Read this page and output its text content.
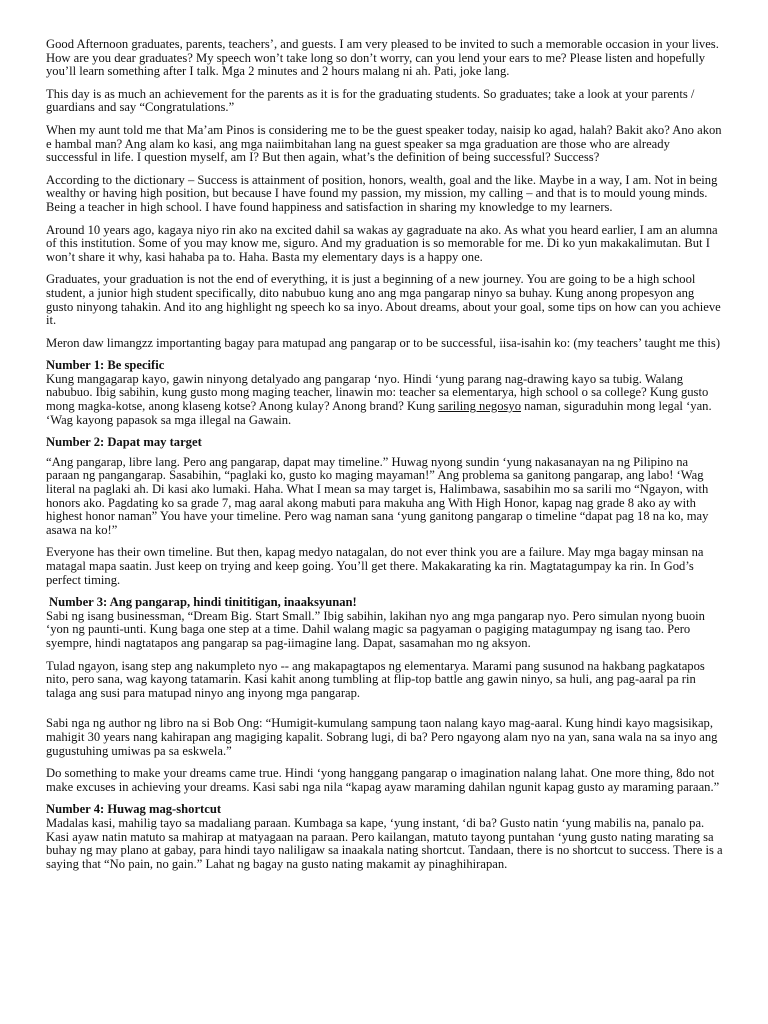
Good Afternoon graduates, parents, teachers’, and guests. I am very pleased to be invited to such a memorable occasion in your lives. How are you dear graduates? My speech won’t take long so don’t worry, can you lend your ears to me? Please listen and hopefully you’ll learn something after I talk. Mga 2 minutes and 2 hours malang ni ah. Pati, joke lang.

This day is as much an achievement for the parents as it is for the graduating students. So graduates; take a look at your parents / guardians and say “Congratulations.”

When my aunt told me that Ma’am Pinos is considering me to be the guest speaker today, naisip ko agad, halah? Bakit ako? Ano akon e hambal man? Ang alam ko kasi, ang mga naiimbitahan lang na guest speaker sa mga graduation are those who are already successful in life. I question myself, am I? But then again, what’s the definition of being successful? Success?

According to the dictionary – Success is attainment of position, honors, wealth, goal and the like. Maybe in a way, I am. Not in being wealthy or having high position, but because I have found my passion, my mission, my calling – and that is to mould young minds. Being a teacher in high school. I have found happiness and satisfaction in sharing my knowledge to my learners.

Around 10 years ago, kagaya niyo rin ako na excited dahil sa wakas ay gagraduate na ako. As what you heard earlier, I am an alumna of this institution. Some of you may know me, siguro. And my graduation is so memorable for me. Di ko yun makakalimutan. But I won’t share it why, kasi hahaba pa to. Haha. Basta my elementary days is a happy one.

Graduates, your graduation is not the end of everything, it is just a beginning of a new journey. You are going to be a high school student, a junior high student specifically, dito nabubuo kung ano ang mga pangarap ninyo sa buhay. Kung anong propesyon ang gusto ninyong tahakin. And ito ang highlight ng speech ko sa inyo. About dreams, about your goal, some tips on how can you achieve it.

Meron daw limangzz importanting bagay para matupad ang pangarap or to be successful, iisa-isahin ko: (my teachers’ taught me this)

Number 1: Be specific

Kung mangagarap kayo, gawin ninyong detalyado ang pangarap ‘nyo. Hindi ‘yung parang nag-drawing kayo sa tubig. Walang nabubuo. Ibig sabihin, kung gusto mong maging teacher, linawin mo: teacher sa elementarya, high school o sa college? Kung gusto mong magka-kotse, anong klaseng kotse? Anong kulay? Anong brand? Kung sariling negosyo naman, siguraduhin mong legal ‘yan. ‘Wag kayong papasok sa mga illegal na Gawain.

Number 2: Dapat may target

“Ang pangarap, libre lang. Pero ang pangarap, dapat may timeline.” Huwag nyong sundin ‘yung nakasanayan na ng Pilipino na paraan ng pangangarap. Sasabihin, “paglaki ko, gusto ko maging mayaman!” Ang problema sa ganitong pangarap, ang labo! ‘Wag literal na paglaki ah. Di kasi ako lumaki. Haha. What I mean sa may target is, Halimbawa, sasabihin mo sa sarili mo “Ngayon, with honors ako. Pagdating ko sa grade 7, mag aaral akong mabuti para makuha ang With High Honor, kapag nag grade 8 ako ay with highest honor naman” You have your timeline. Pero wag naman sana ‘yung ganitong pangarap o timeline “dapat pag 18 na ko, may asawa na ko!”

Everyone has their own timeline. But then, kapag medyo natagalan, do not ever think you are a failure. May mga bagay minsan na matagal mapa saatin. Just keep on trying and keep going. You’ll get there. Makakarating ka rin. Magtatagumpay ka rin. In God’s perfect timing.

Number 3: Ang pangarap, hindi tinititigan, inaaksyunan!

Sabi ng isang businessman, “Dream Big. Start Small.” Ibig sabihin, lakihan nyo ang mga pangarap nyo. Pero simulan nyong buoin ‘yon ng paunti-unti. Kung baga one step at a time. Dahil walang magic sa pagyaman o pagiging matagumpay ng isang tao. Pero syempre, hindi nagtatapos ang pangarap sa pag-iimagine lang. Dapat, sasamahan mo ng aksyon.

Tulad ngayon, isang step ang nakumpleto nyo -- ang makapagtapos ng elementarya. Marami pang susunod na hakbang pagkatapos nito, pero sana, wag kayong tatamarin. Kasi kahit anong tumbling at flip-top battle ang gawin ninyo, sa huli, ang pag-aaral pa rin talaga ang susi para matupad ninyo ang inyong mga pangarap.

Sabi nga ng author ng libro na si Bob Ong: “Humigit-kumulang sampung taon nalang kayo mag-aaral. Kung hindi kayo magsisikap, mahigit 30 years nang kahirapan ang magiging kapalit. Sobrang lugi, di ba? Pero ngayong alam nyo na yan, sana wala na sa inyo ang gugustuhing umiwas pa sa eskwela.”

Do something to make your dreams came true. Hindi ‘yong hanggang pangarap o imagination nalang lahat. One more thing, 8do not make excuses in achieving your dreams. Kasi sabi nga nila “kapag ayaw maraming dahilan ngunit kapag gusto ay maraming paraan.”

Number 4: Huwag mag-shortcut

Madalas kasi, mahilig tayo sa madaliang paraan. Kumbaga sa kape, ‘yung instant, ‘di ba? Gusto natin ‘yung mabilis na, panalo pa. Kasi ayaw natin matuto sa mahirap at matyagaan na paraan. Pero kailangan, matuto tayong puntahan ‘yung gusto nating marating sa buhay ng may plano at gabay, para hindi tayo naliligaw sa inaakala nating shortcut. Tandaan, there is no shortcut to success. There is a saying that “No pain, no gain.” Lahat ng bagay na gusto nating makamit ay pinaghihirapan.
